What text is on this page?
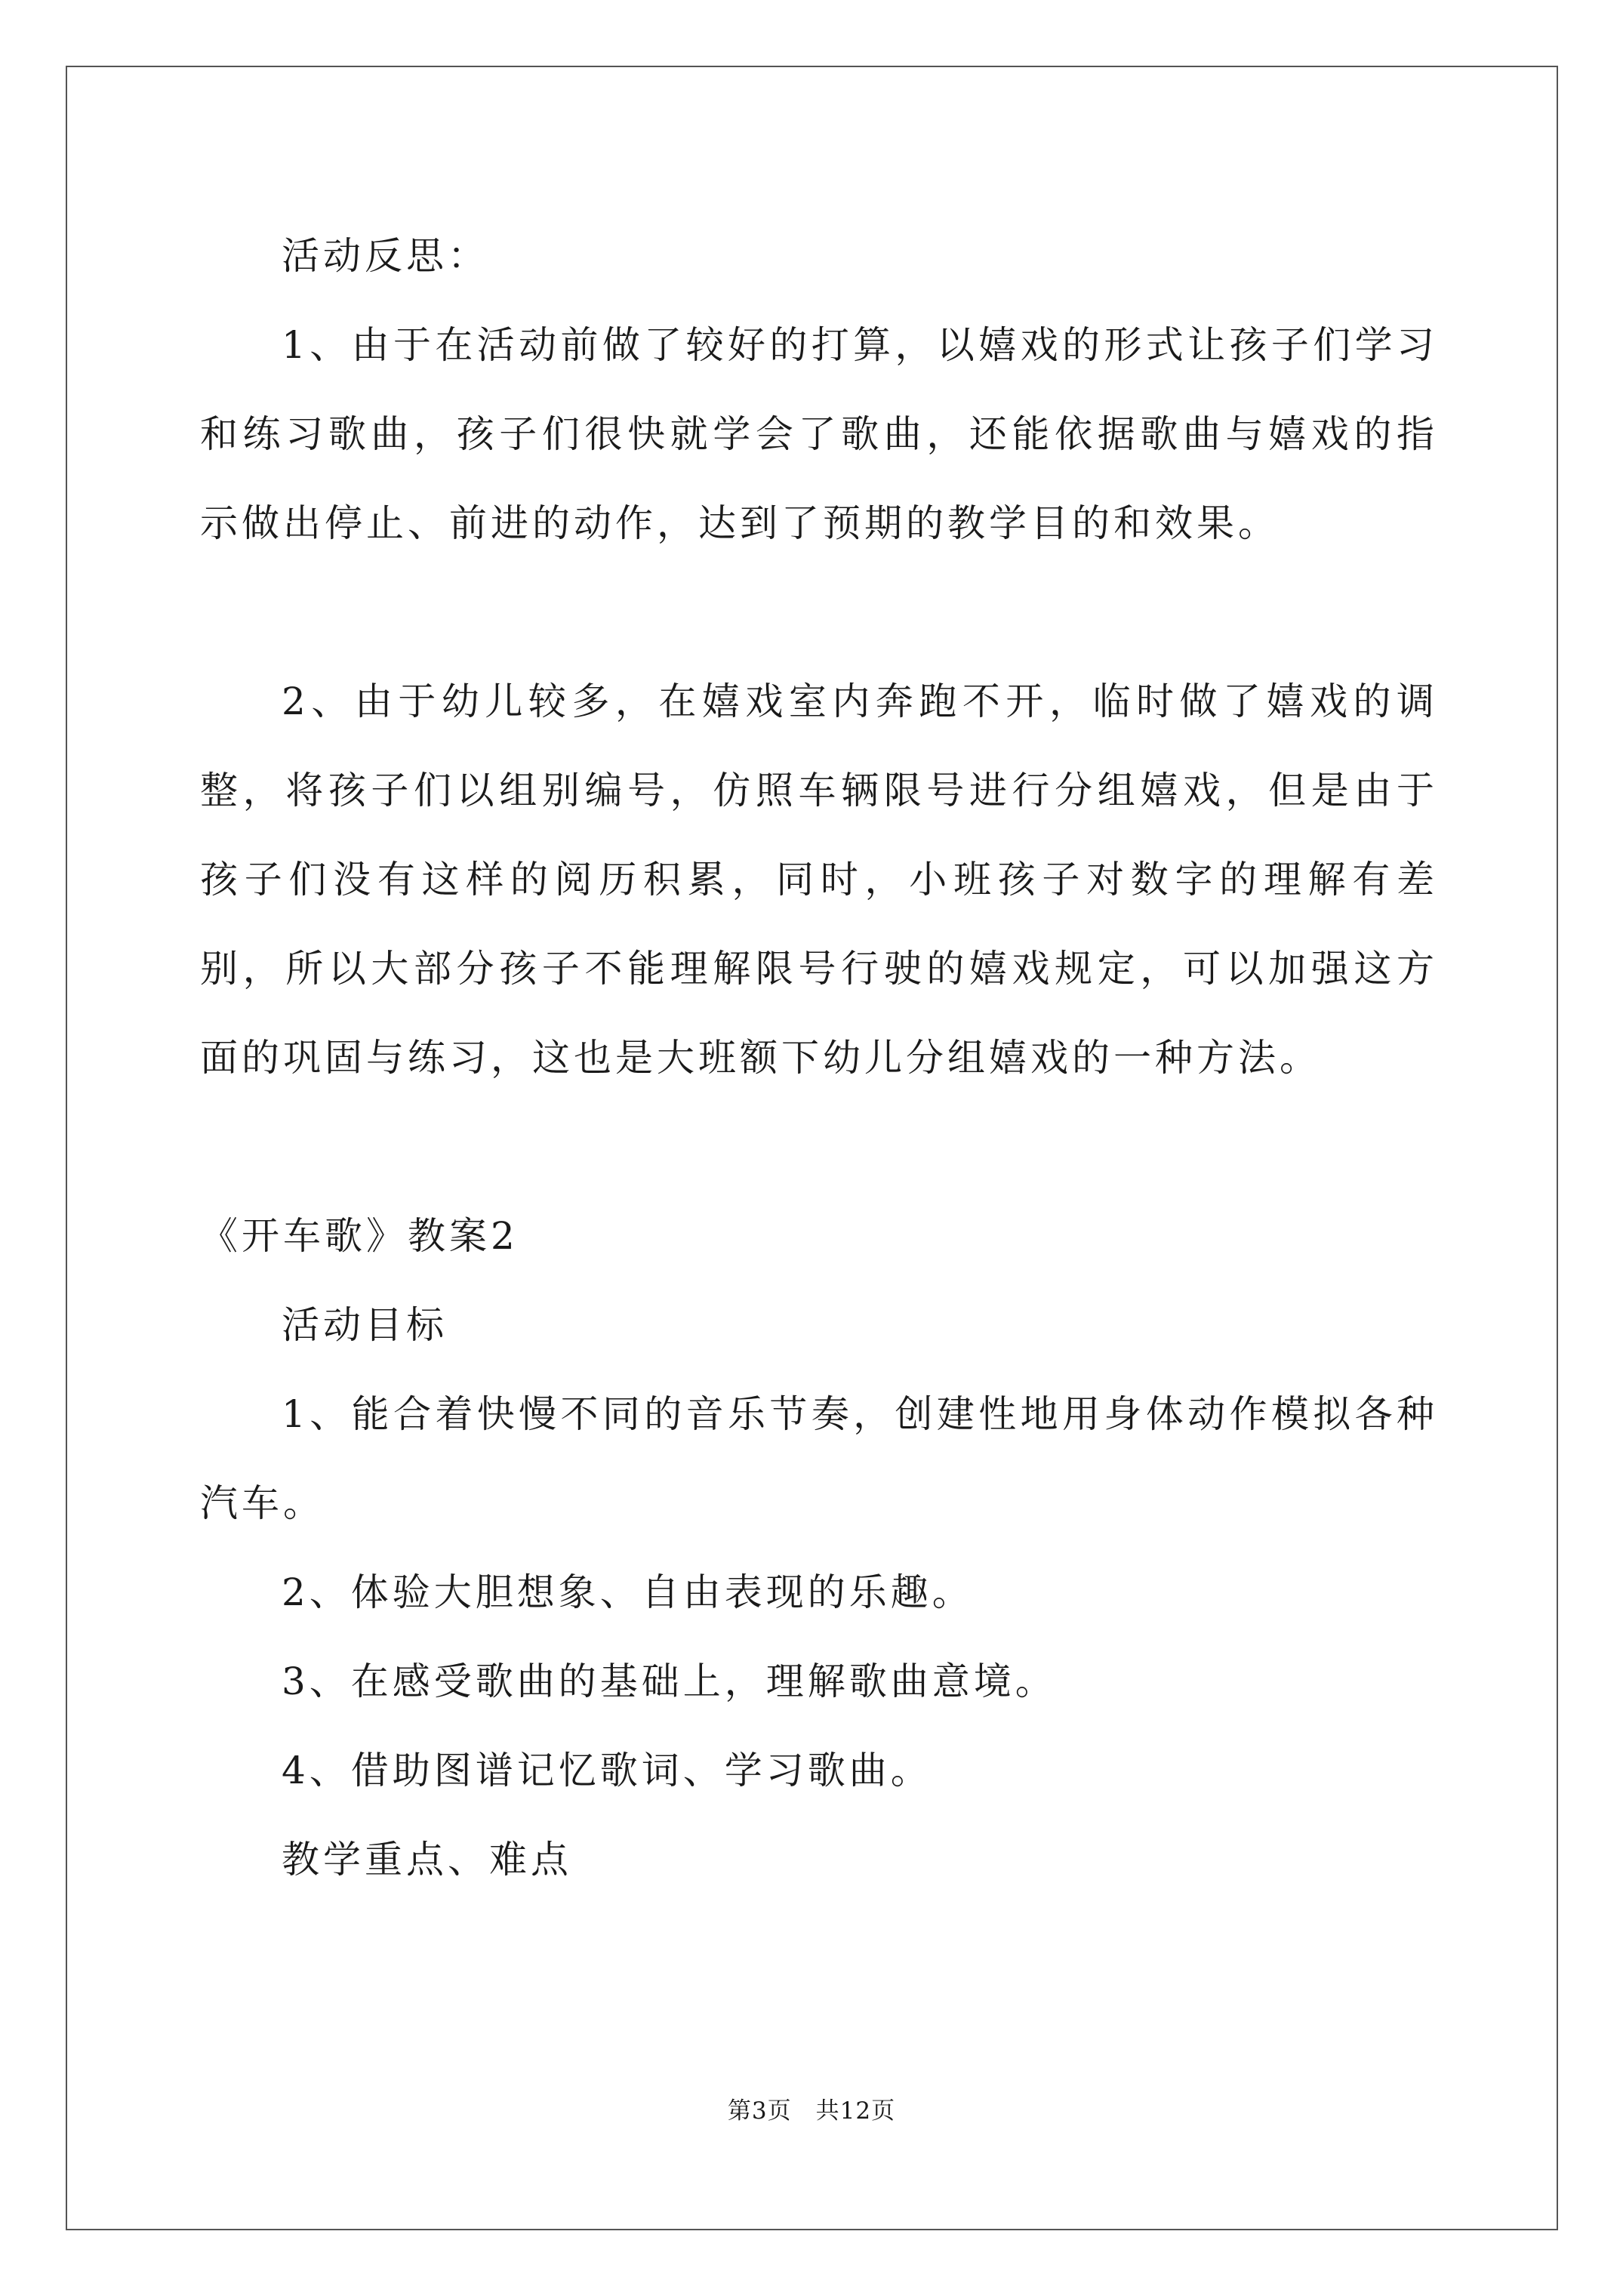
活动反思：

1、由于在活动前做了较好的打算，以嬉戏的形式让孩子们学习和练习歌曲，孩子们很快就学会了歌曲，还能依据歌曲与嬉戏的指示做出停止、前进的动作，达到了预期的教学目的和效果。

2、由于幼儿较多，在嬉戏室内奔跑不开，临时做了嬉戏的调整，将孩子们以组别编号，仿照车辆限号进行分组嬉戏，但是由于孩子们没有这样的阅历积累，同时，小班孩子对数字的理解有差别，所以大部分孩子不能理解限号行驶的嬉戏规定，可以加强这方面的巩固与练习，这也是大班额下幼儿分组嬉戏的一种方法。

《开车歌》教案2

活动目标

1、能合着快慢不同的音乐节奏，创建性地用身体动作模拟各种汽车。

2、体验大胆想象、自由表现的乐趣。

3、在感受歌曲的基础上，理解歌曲意境。

4、借助图谱记忆歌词、学习歌曲。

教学重点、难点

第3页　共12页
